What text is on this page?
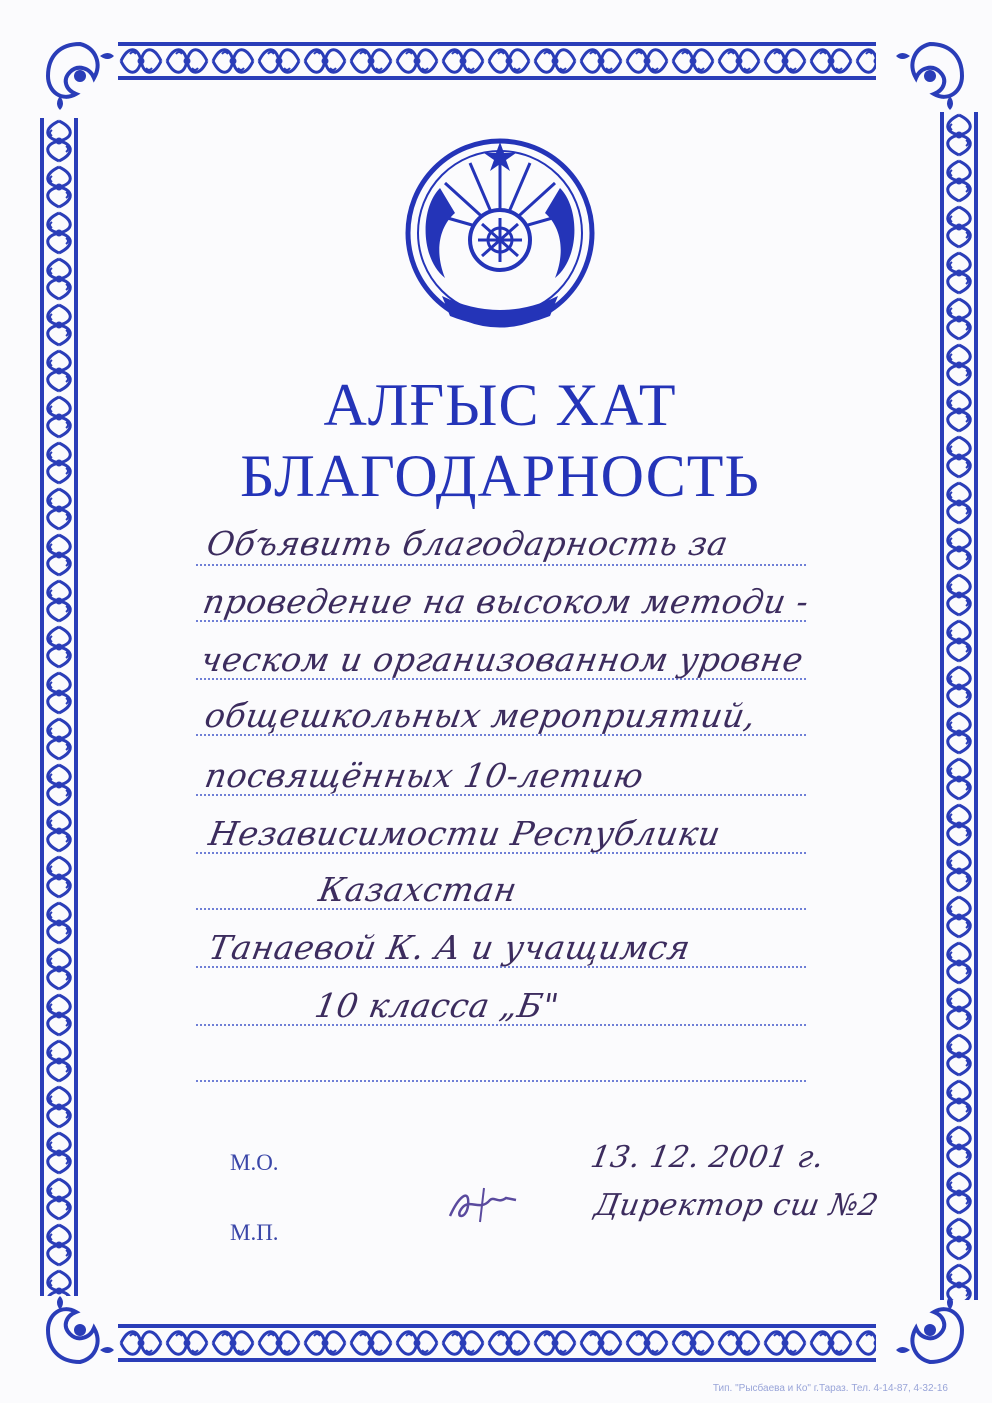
ҚАЗАҚСТАН
АЛҒЫС ХАТ
БЛАГОДАРНОСТЬ
Объявить благодарность за
проведение на высоком методи -
ческом и организованном уровне
общешкольных мероприятий,
посвящённых 10-летию
Независимости Республики
Казахстан
Танаевой К. А и учащимся
10 класса „Б"
М.О.
М.П.
13. 12. 2001 г.
Директор сш №2
Тип. "Рысбаева и Ко" г.Тараз. Тел. 4-14-87, 4-32-16
